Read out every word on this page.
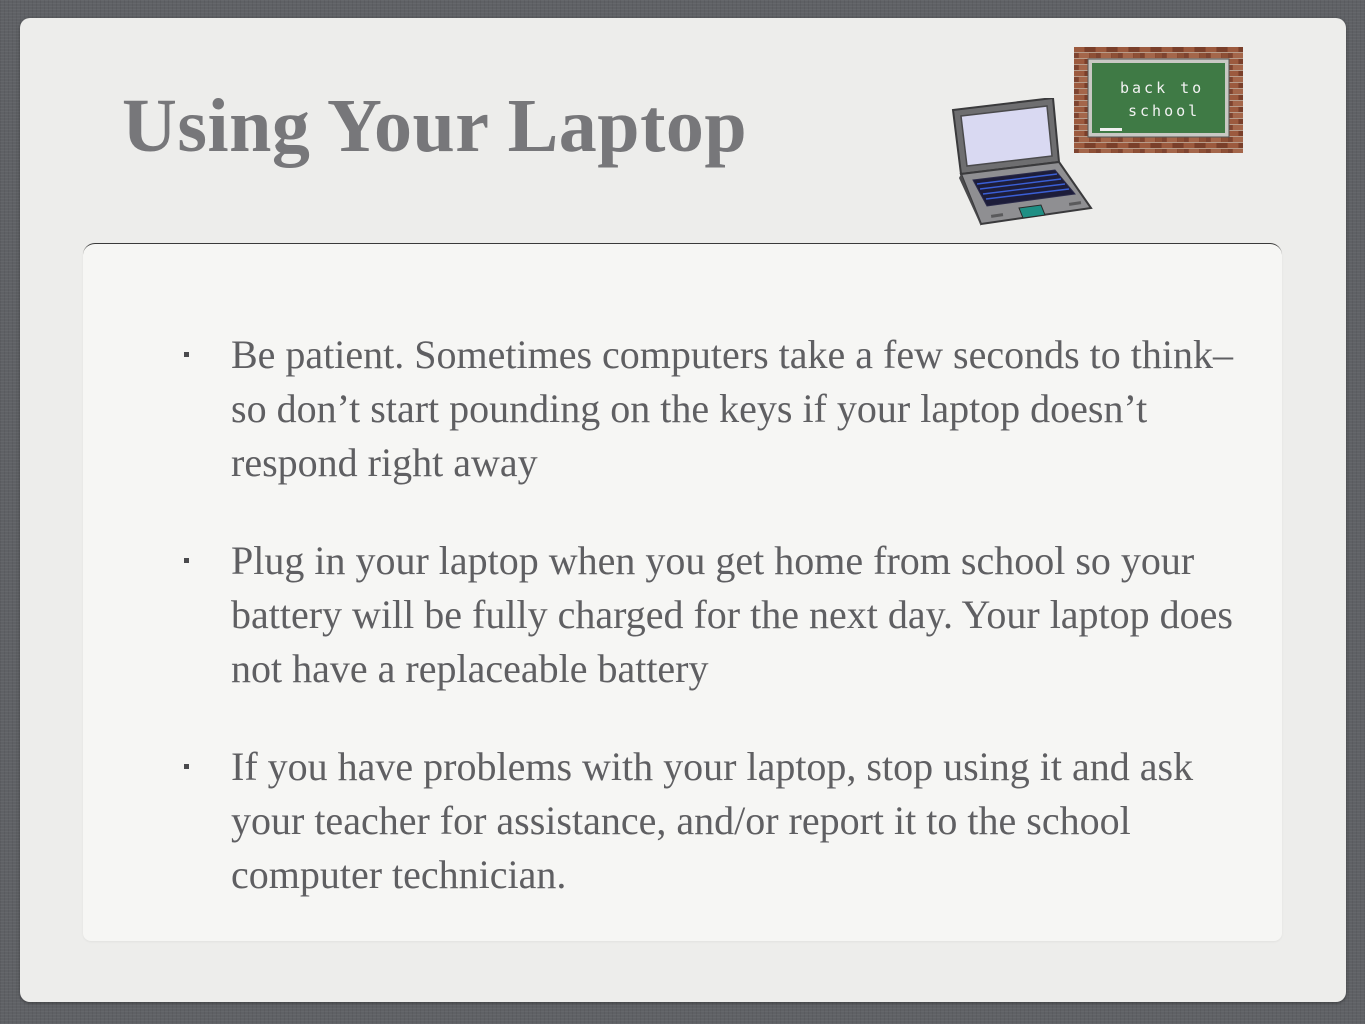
Using Your Laptop	back to
school
Be patient. Sometimes computers take a few seconds to think–so don’t start pounding on the keys if your laptop doesn’t respond right away
Plug in your laptop when you get home from school so your battery will be fully charged for the next day. Your laptop does not have a replaceable battery
If you have problems with your laptop, stop using it and ask your teacher for assistance, and/or report it to the school computer technician.
